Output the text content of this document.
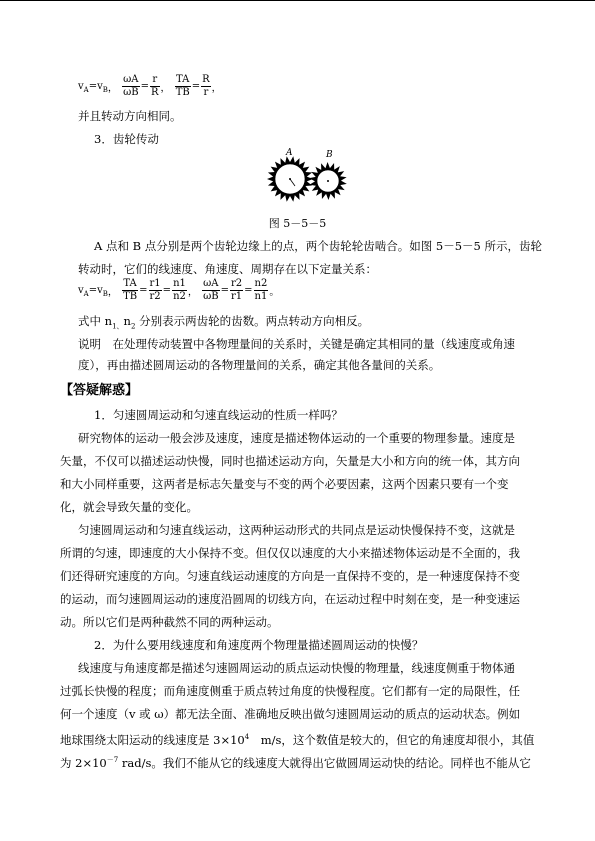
$v_A=v_B$， $\frac{\omega A}{\omega B} = \frac{r}{R}$ ， $\frac{TA}{TB} = \frac{R}{r}$ ，
并且转动方向相同。
3．齿轮传动
A	B
图 5－5－5
A 点和 B 点分别是两个齿轮边缘上的点，两个齿轮轮齿啮合。如图 5－5－5 所示，齿轮
转动时，它们的线速度、角速度、周期存在以下定量关系：
$v_A=v_B$， $\frac{TA}{TB} = \frac{r1}{r2} = \frac{n1}{n2}$ ， $\frac{\omega A}{\omega B} = \frac{r2}{r1} = \frac{n2}{n1}$ 。
式中 $n_{1、}n_2$ 分别表示两齿轮的齿数。两点转动方向相反。
说明　在处理传动装置中各物理量间的关系时，关键是确定其相同的量（线速度或角速
度），再由描述圆周运动的各物理量间的关系，确定其他各量间的关系。
【答疑解惑】
1．匀速圆周运动和匀速直线运动的性质一样吗？
研究物体的运动一般会涉及速度，速度是描述物体运动的一个重要的物理参量。速度是
矢量，不仅可以描述运动快慢，同时也描述运动方向，矢量是大小和方向的统一体，其方向
和大小同样重要，这两者是标志矢量变与不变的两个必要因素，这两个因素只要有一个变
化，就会导致矢量的变化。
匀速圆周运动和匀速直线运动，这两种运动形式的共同点是运动快慢保持不变，这就是
所谓的匀速，即速度的大小保持不变。但仅仅以速度的大小来描述物体运动是不全面的，我
们还得研究速度的方向。匀速直线运动速度的方向是一直保持不变的，是一种速度保持不变
的运动，而匀速圆周运动的速度沿圆周的切线方向，在运动过程中时刻在变，是一种变速运
动。所以它们是两种截然不同的两种运动。
2．为什么要用线速度和角速度两个物理量描述圆周运动的快慢？
线速度与角速度都是描述匀速圆周运动的质点运动快慢的物理量，线速度侧重于物体通
过弧长快慢的程度；而角速度侧重于质点转过角度的快慢程度。它们都有一定的局限性，任
何一个速度（v 或 ω）都无法全面、准确地反映出做匀速圆周运动的质点的运动状态。例如
地球围绕太阳运动的线速度是 $3\times 10^4$　m/s，这个数值是较大的，但它的角速度却很小，其值
为 $2\times 10^{-7}$ rad/s。我们不能从它的线速度大就得出它做圆周运动快的结论。同样也不能从它
